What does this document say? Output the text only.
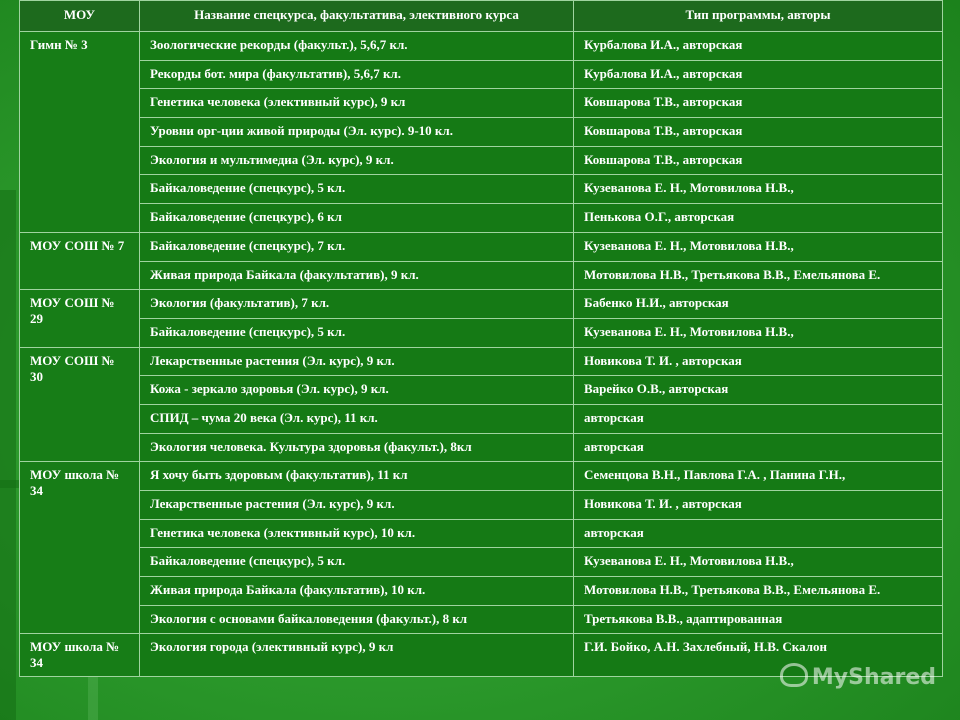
МОУ	Название спецкурса, факультатива, элективного курса	Тип программы, авторы
Гимн № 3	Зоологические рекорды (факульт.), 5,6,7 кл.	Курбалова И.А., авторская
	Рекорды бот. мира (факультатив), 5,6,7 кл.	Курбалова И.А., авторская
	Генетика человека (элективный курс), 9 кл	Ковшарова Т.В., авторская
	Уровни орг-ции живой природы (Эл. курс). 9-10 кл.	Ковшарова Т.В., авторская
	Экология и мультимедиа (Эл. курс), 9 кл.	Ковшарова Т.В., авторская
	Байкаловедение (спецкурс), 5 кл.	Кузеванова Е. Н., Мотовилова Н.В.,
	Байкаловедение (спецкурс), 6 кл	Пенькова О.Г., авторская
МОУ СОШ № 7	Байкаловедение (спецкурс), 7 кл.	Кузеванова Е. Н., Мотовилова Н.В.,
	Живая природа Байкала (факультатив), 9 кл.	Мотовилова Н.В., Третьякова В.В., Емельянова Е.
МОУ СОШ № 29	Экология (факультатив), 7 кл.	Бабенко Н.И., авторская
	Байкаловедение (спецкурс), 5 кл.	Кузеванова Е. Н., Мотовилова Н.В.,
МОУ СОШ № 30	Лекарственные растения (Эл. курс), 9 кл.	Новикова Т. И. , авторская
	Кожа - зеркало здоровья (Эл. курс), 9 кл.	Варейко О.В., авторская
	СПИД – чума 20 века (Эл. курс), 11 кл.	авторская
	Экология человека. Культура здоровья (факульт.), 8кл	авторская
МОУ школа № 34	Я хочу быть здоровым (факультатив), 11 кл	Семенцова В.Н., Павлова Г.А. , Панина Г.Н.,
	Лекарственные растения (Эл. курс), 9 кл.	Новикова Т. И. , авторская
	Генетика человека (элективный курс), 10 кл.	авторская
	Байкаловедение (спецкурс), 5 кл.	Кузеванова Е. Н., Мотовилова Н.В.,
	Живая природа Байкала (факультатив), 10 кл.	Мотовилова Н.В., Третьякова В.В., Емельянова Е.
	Экология с основами байкаловедения (факульт.), 8 кл	Третьякова В.В., адаптированная
МОУ школа № 34	Экология города (элективный курс), 9 кл	Г.И. Бойко, А.Н. Захлебный, Н.В. Скалон
MyShared
